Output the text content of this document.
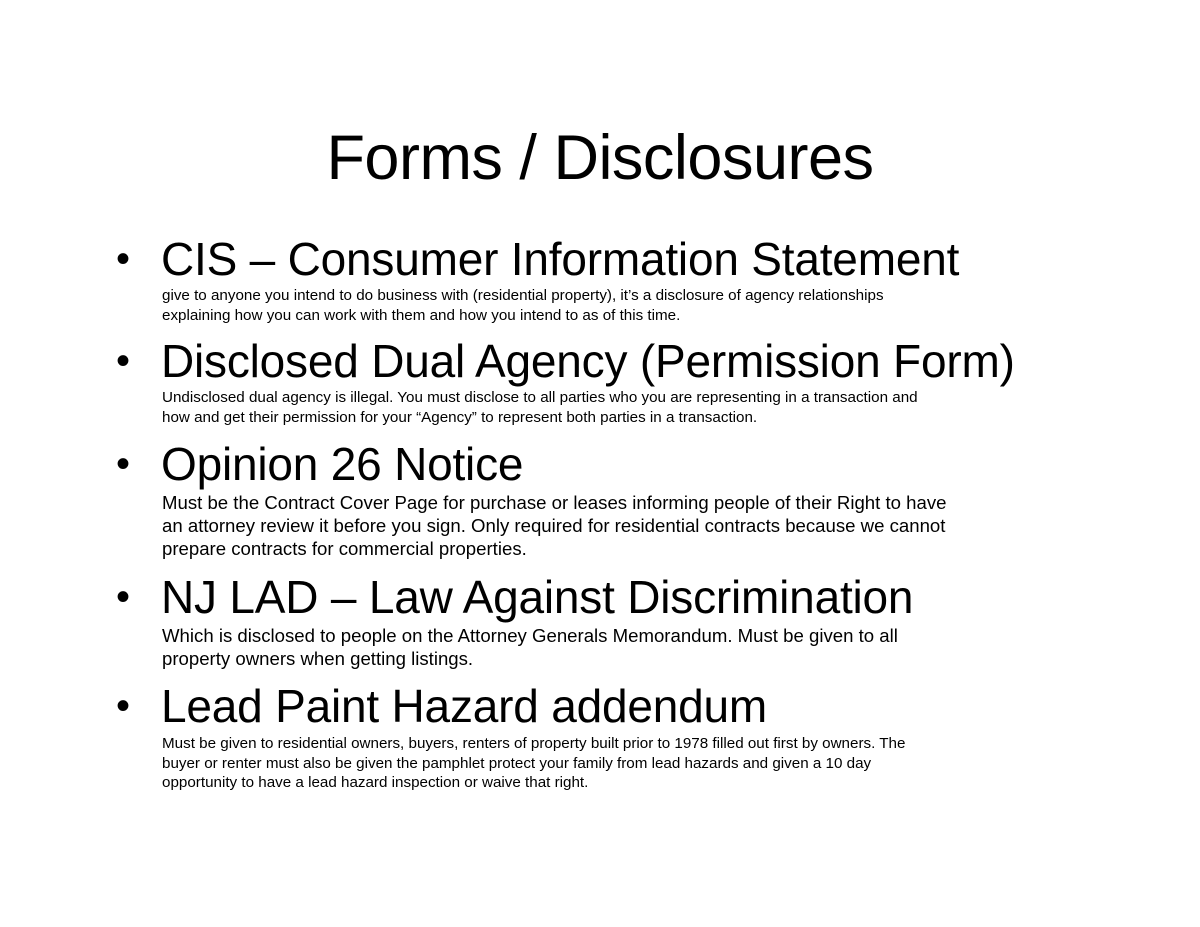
Forms / Disclosures
• CIS – Consumer Information Statement

give to anyone you intend to do business with (residential property), it’s a disclosure of agency relationships
explaining how you can work with them and how you intend to as of this time.

• Disclosed Dual Agency (Permission Form)

Undisclosed dual agency is illegal. You must disclose to all parties who you are representing in a transaction and
how and get their permission for your “Agency” to represent both parties in a transaction.

• Opinion 26 Notice

Must be the Contract Cover Page for purchase or leases informing people of their Right to have
an attorney review it before you sign. Only required for residential contracts because we cannot
prepare contracts for commercial properties.

• NJ LAD – Law Against Discrimination

Which is disclosed to people on the Attorney Generals Memorandum. Must be given to all
property owners when getting listings.

• Lead Paint Hazard addendum

Must be given to residential owners, buyers, renters of property built prior to 1978 filled out first by owners. The
buyer or renter must also be given the pamphlet protect your family from lead hazards and given a 10 day
opportunity to have a lead hazard inspection or waive that right.
